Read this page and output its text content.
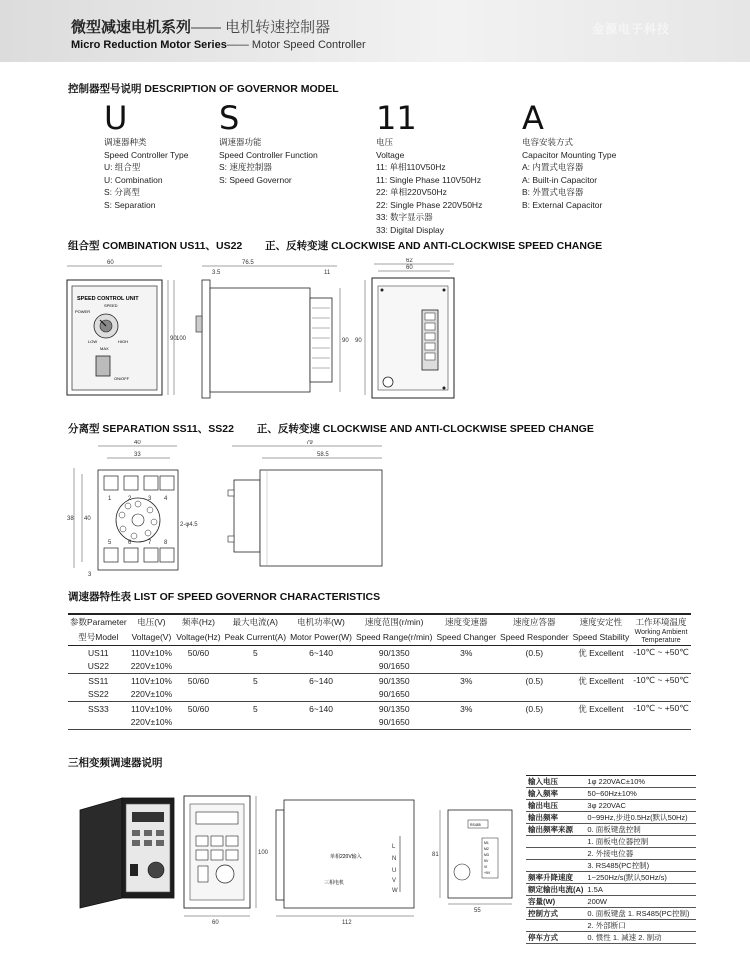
微型减速电机系列—— 电机转速控制器
Micro Reduction Motor Series—— Motor Speed Controller
金源电子科技
控制器型号说明 DESCRIPTION OF GOVERNOR MODEL
U
调速器种类
Speed Controller Type
U: 组合型
U: Combination
S: 分离型
S: Separation
S
调速器功能
Speed Controller Function
S: 速度控制器
S: Speed Governor
11
电压
Voltage
11: 单相110V50Hz
11: Single Phase 110V50Hz
22: 单相220V50Hz
22: Single Phase 220V50Hz
33: 数字显示器
33: Digital Display
A
电容安装方式
Capacitor Mounting Type
A: 内置式电容器
A: Built-in Capacitor
B: 外置式电容器
B: External Capacitor
组合型 COMBINATION US11、US22 正、反转变速 CLOCKWISE AND ANTI-CLOCKWISE SPEED CHANGE
60
SPEED CONTROL UNIT
POWER
SPEED
LOW	HIGH
MAX
ON/OFF
90 100
76.5
3.5	11
90
62
60
90
分离型 SEPARATION SS11、SS22 正、反转变速 CLOCKWISE AND ANTI-CLOCKWISE SPEED CHANGE
40
33
38 40
1	2	3 4
5	6	7 8
2-φ4.5
3
79
58.5
调速器特性表 LIST OF SPEED GOVERNOR CHARACTERISTICS
参数Parameter	电压(V)	频率(Hz)	最大电流(A)	电机功率(W)	速度范围(r/min)	速度变速器	速度应答器	速度安定性	工作环境温度
型号Model	Voltage(V)	Voltage(Hz)	Peak Current(A)	Motor Power(W)	Speed Range(r/min)	Speed Changer	Speed Responder	Speed Stability	Working Ambient Temperature
US11	110V±10%	50/60	5	6~140	90/1350	3%	(0.5)	优 Excellent	-10℃ ~ +50℃
US22	220V±10%				90/1650				
SS11	110V±10%	50/60	5	6~140	90/1350	3%	(0.5)	优 Excellent	-10℃ ~ +50℃
SS22	220V±10%				90/1650				
SS33	110V±10%	50/60	5	6~140	90/1350	3%	(0.5)	优 Excellent	-10℃ ~ +50℃
	220V±10%				90/1650				
三相变频调速器说明
60
100
112
单相220V输入
三相电机
L
N
U
V
W
RS485
M1
M2
M3
5V
VI
+5V
81
55
输入电压	1φ 220VAC±10%
输入频率	50~60Hz±10%
输出电压	3φ 220VAC
输出频率	0~99Hz,步进0.5Hz(默认50Hz)
输出频率来源	0. 面板键盘控制
	1. 面板电位器控制
	2. 外接电位器
	3. RS485(PC控制)
频率升降速度	1~250Hz/s(默认50Hz/s)
额定输出电流(A)	1.5A
容量(W)	200W
控制方式	0. 面板键盘 1. RS485(PC控制)
	2. 外部断口
停车方式	0. 惯性 1. 减速 2. 制动
